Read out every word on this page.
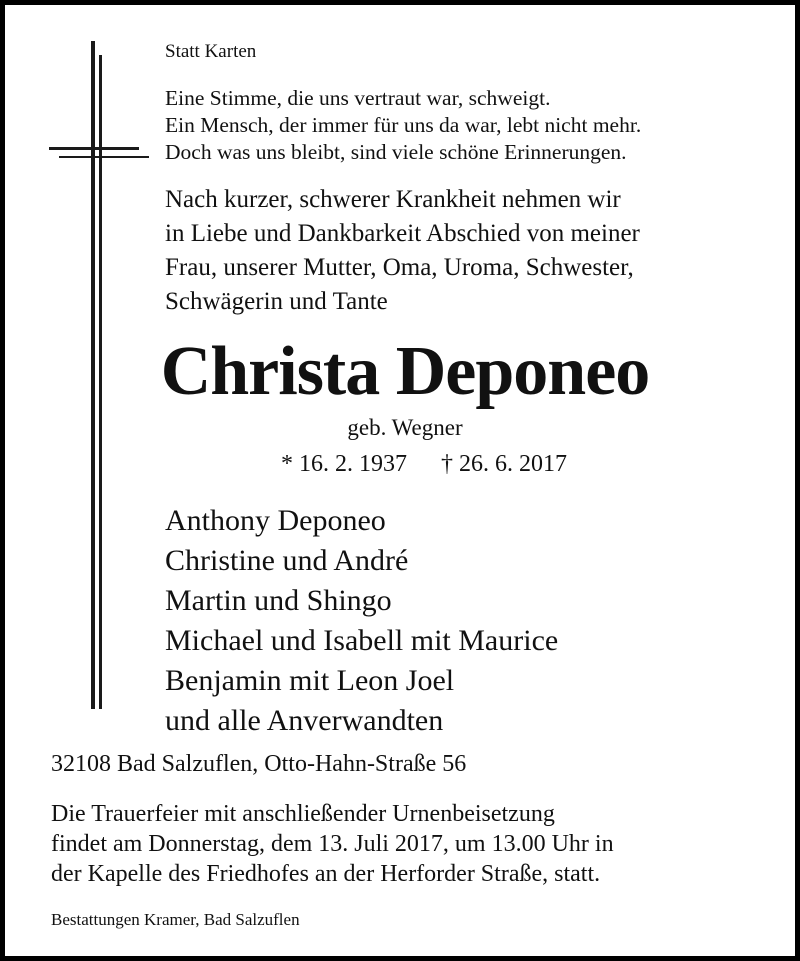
Statt Karten
Eine Stimme, die uns vertraut war, schweigt.
Ein Mensch, der immer für uns da war, lebt nicht mehr.
Doch was uns bleibt, sind viele schöne Erinnerungen.
Nach kurzer, schwerer Krankheit nehmen wir
in Liebe und Dankbarkeit Abschied von meiner
Frau, unserer Mutter, Oma, Uroma, Schwester,
Schwägerin und Tante
Christa Deponeo
geb. Wegner
* 16. 2. 1937 † 26. 6. 2017
Anthony Deponeo
Christine und André
Martin und Shingo
Michael und Isabell mit Maurice
Benjamin mit Leon Joel
und alle Anverwandten
32108 Bad Salzuflen, Otto-Hahn-Straße 56
Die Trauerfeier mit anschließender Urnenbeisetzung
findet am Donnerstag, dem 13. Juli 2017, um 13.00 Uhr in
der Kapelle des Friedhofes an der Herforder Straße, statt.
Bestattungen Kramer, Bad Salzuflen
